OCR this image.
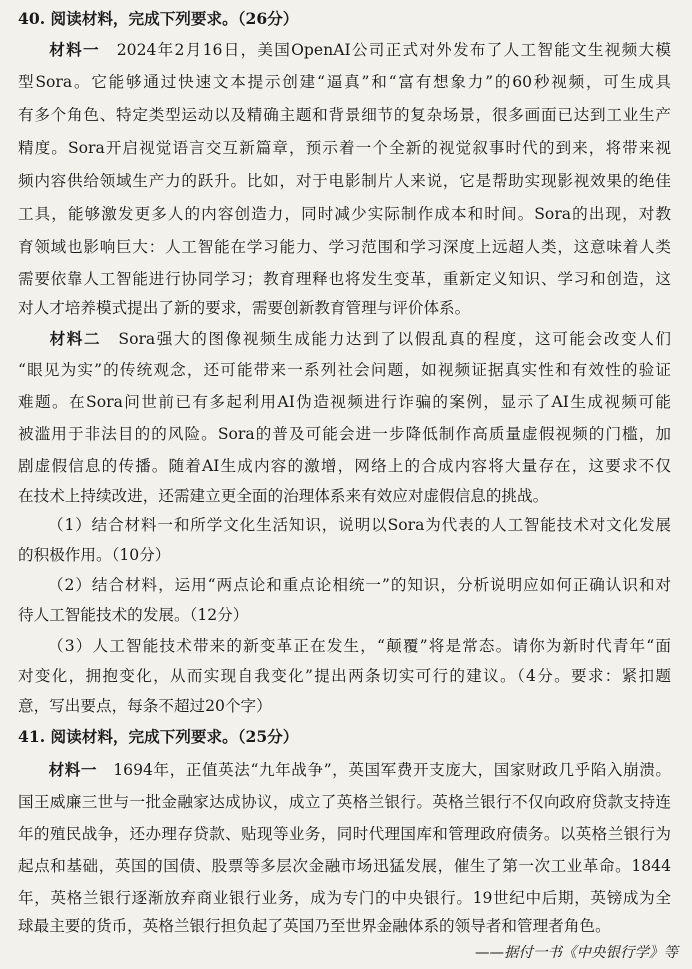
40. 阅读材料，完成下列要求。（26分）
材料一　 2024年2月16日，美国OpenAI公司正式对外发布了人工智能文生视频大模
型Sora。它能够通过快速文本提示创建“逼真”和“富有想象力”的60秒视频，可生成具
有多个角色、特定类型运动以及精确主题和背景细节的复杂场景，很多画面已达到工业生产
精度。Sora开启视觉语言交互新篇章，预示着一个全新的视觉叙事时代的到来，将带来视
频内容供给领域生产力的跃升。比如，对于电影制片人来说，它是帮助实现影视效果的绝佳
工具，能够激发更多人的内容创造力，同时减少实际制作成本和时间。Sora的出现，对教
育领域也影响巨大：人工智能在学习能力、学习范围和学习深度上远超人类，这意味着人类
需要依靠人工智能进行协同学习；教育理释也将发生变革，重新定义知识、学习和创造，这
对人才培养模式提出了新的要求，需要创新教育管理与评价体系。
材料二　 Sora强大的图像视频生成能力达到了以假乱真的程度，这可能会改变人们
“眼见为实”的传统观念，还可能带来一系列社会问题，如视频证据真实性和有效性的验证
难题。在Sora问世前已有多起利用AI伪造视频进行诈骗的案例，显示了AI生成视频可能
被滥用于非法目的的风险。Sora的普及可能会进一步降低制作高质量虚假视频的门槛，加
剧虚假信息的传播。随着AI生成内容的激增，网络上的合成内容将大量存在，这要求不仅
在技术上持续改进，还需建立更全面的治理体系来有效应对虚假信息的挑战。
（1）结合材料一和所学文化生活知识，说明以Sora为代表的人工智能技术对文化发展
的积极作用。（10分）
（2）结合材料，运用“两点论和重点论相统一”的知识，分析说明应如何正确认识和对
待人工智能技术的发展。（12分）
（3）人工智能技术带来的新变革正在发生，“颠覆”将是常态。请你为新时代青年“面
对变化，拥抱变化，从而实现自我变化”提出两条切实可行的建议。（4分。要求：紧扣题
意，写出要点，每条不超过20个字）
41. 阅读材料，完成下列要求。（25分）
材料一　 1694年，正值英法“九年战争”，英国军费开支庞大，国家财政几乎陷入崩溃。
国王威廉三世与一批金融家达成协议，成立了英格兰银行。英格兰银行不仅向政府贷款支持连
年的殖民战争，还办理存贷款、贴现等业务，同时代理国库和管理政府债务。以英格兰银行为
起点和基础，英国的国债、股票等多层次金融市场迅猛发展，催生了第一次工业革命。1844
年，英格兰银行逐渐放弃商业银行业务，成为专门的中央银行。19世纪中后期，英镑成为全
球最主要的货币，英格兰银行担负起了英国乃至世界金融体系的领导者和管理者角色。
——据付一书《中央银行学》等
